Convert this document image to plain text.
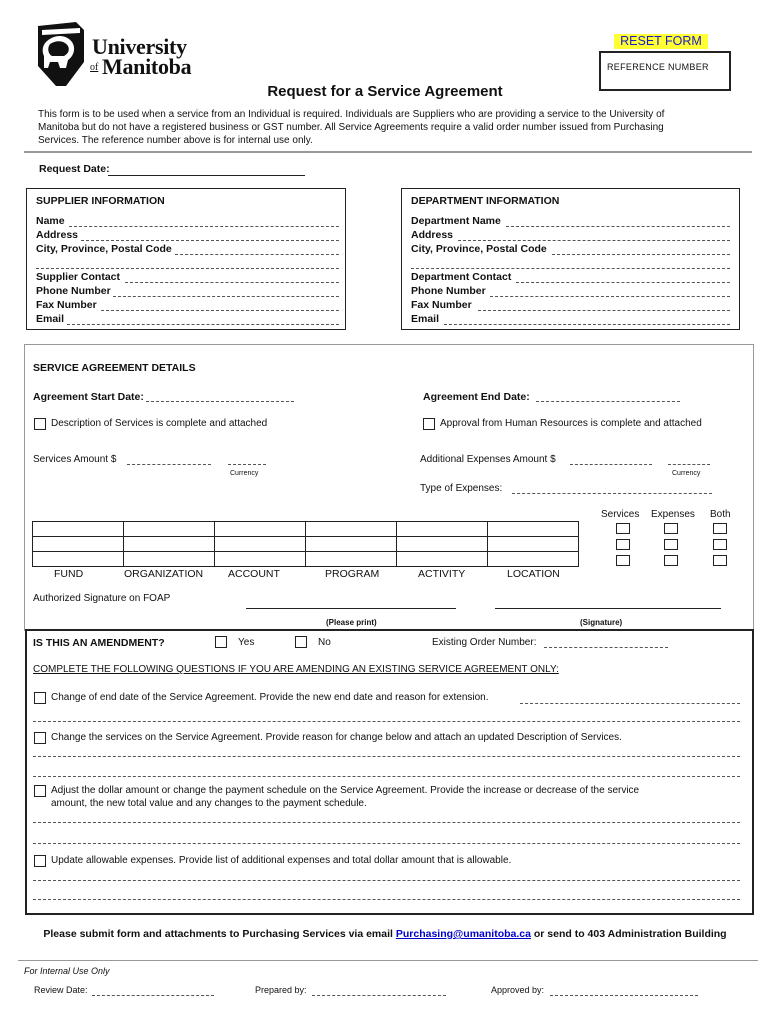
University
of Manitoba
RESET FORM
REFERENCE NUMBER
Request for a Service Agreement
This form is to be used when a service from an Individual is required. Individuals are Suppliers who are providing a service to the University of Manitoba but do not have a registered business or GST number. All Service Agreements require a valid order number issued from Purchasing Services. The reference number above is for internal use only.
Request Date:
SUPPLIER INFORMATION
Name
Address
City, Province, Postal Code
Supplier Contact
Phone Number
Fax Number
Email
DEPARTMENT INFORMATION
Department Name
Address
City, Province, Postal Code
Department Contact
Phone Number
Fax Number
Email
SERVICE AGREEMENT DETAILS
Agreement Start Date:	Agreement End Date:
Description of Services is complete and attached	Approval from Human Resources is complete and attached
Services Amount $
Currency
Additional Expenses Amount $
Currency
Type of Expenses:
Services Expenses Both

FUND	ORGANIZATION ACCOUNT	PROGRAM	ACTIVITY	LOCATION
Authorized Signature on FOAP
(Please print)	(Signature)
IS THIS AN AMENDMENT?	Yes	No	Existing Order Number:
COMPLETE THE FOLLOWING QUESTIONS IF YOU ARE AMENDING AN EXISTING SERVICE AGREEMENT ONLY:
Change of end date of the Service Agreement. Provide the new end date and reason for extension.
Change the services on the Service Agreement. Provide reason for change below and attach an updated Description of Services.
Adjust the dollar amount or change the payment schedule on the Service Agreement. Provide the increase or decrease of the service
amount, the new total value and any changes to the payment schedule.
Update allowable expenses. Provide list of additional expenses and total dollar amount that is allowable.
Please submit form and attachments to Purchasing Services via email Purchasing@umanitoba.ca or send to 403 Administration Building
For Internal Use Only
Review Date:	Prepared by:	Approved by:
